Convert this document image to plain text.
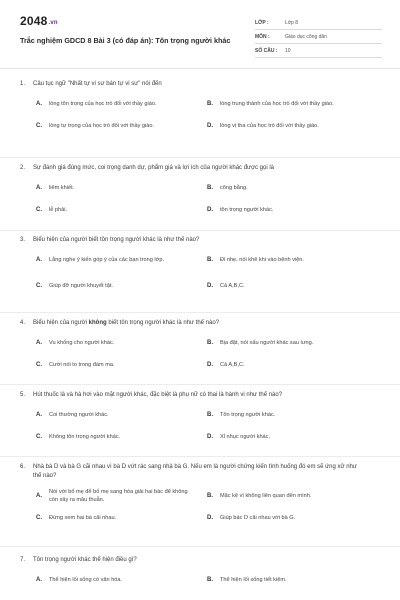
2048.vn
Trắc nghiệm GDCD 8 Bài 3 (có đáp án): Tôn trọng người khác
LỚP :	Lớp 8
MÔN :	Giáo dục công dân
SỐ CÂU :	10
1.	Câu tục ngữ "Nhất tự vi sư bán tự vi sư" nói đến
A.	lòng tôn trọng của học trò đối với thầy giáo.	B.	lòng trung thành của học trò đối với thầy giáo.
C.	lòng tự trọng của học trò đối với thầy giáo.	D.	lòng vị tha của học trò đối với thầy giáo.
2.	Sự đánh giá đúng mức, coi trọng danh dự, phẩm giá và lợi ích của người khác được gọi là
A.	liêm khiết.	B.	công bằng.
C.	lễ phải.	D.	tôn trọng người khác.
3.	Biểu hiện của người biết tôn trọng người khác là như thế nào?
A.	Lắng nghe ý kiến góp ý của các bạn trong lớp.	B.	Đi nhẹ, nói khẽ khi vào bệnh viện.
C.	Giúp đỡ người khuyết tật.	D.	Cả A,B,C.
4.	Biểu hiện của người không biết tôn trọng người khác là như thế nào?
A.	Vu khống cho người khác.	B.	Bịa đặt, nói xấu người khác sau lưng.
C.	Cười nói to trong đám ma.	D.	Cả A,B,C.
5.	Hút thuốc lá và hà hơi vào mặt người khác, đặc biệt là phụ nữ có thai là hành vi như thế nào?
A.	Coi thường người khác.	B.	Tôn trọng người khác.
C.	Không tôn trọng người khác.	D.	Xỉ nhục người khác.
6.	Nhà bà D và bà G cãi nhau vì bà D vứt rác sang nhà bà G. Nếu em là người chứng kiến tình huống đó em sẽ ứng xử như thế nào?
A.
Nói với bố mẹ để bố mẹ sang hòa giải hai bác để không còn xảy ra mâu thuẫn.
B.	Mặc kệ vì không liên quan đến mình.
C.	Đứng xem hai bà cãi nhau.	D.	Giúp bác D cãi nhau với bà G.
7.	Tôn trọng người khác thể hiện điều gì?
A.	Thể hiện lối sống có văn hóa.	B.	Thể hiện lối sống tiết kiệm.
